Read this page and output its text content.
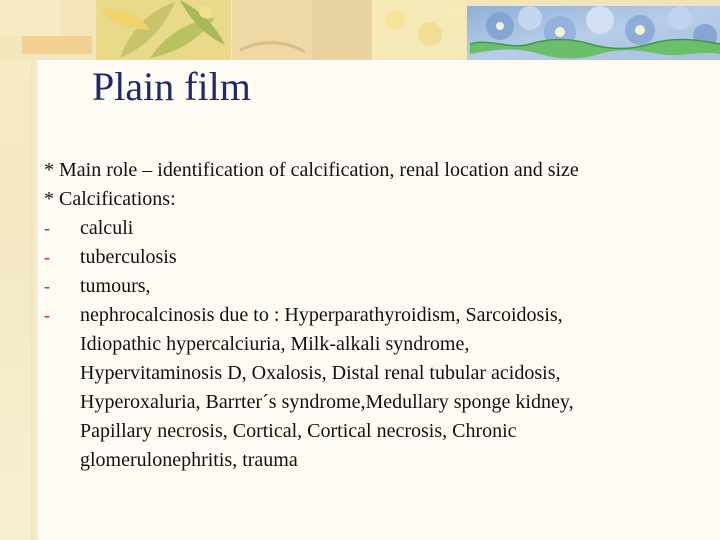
Plain film
* Main role – identification of calcification, renal location and size
* Calcifications:
- calculi
- tuberculosis
- tumours,
- nephrocalcinosis due to : Hyperparathyroidism, Sarcoidosis,
Idiopathic hypercalciuria, Milk-alkali syndrome,
Hypervitaminosis D, Oxalosis, Distal renal tubular acidosis,
Hyperoxaluria, Barrter´s syndrome,Medullary sponge kidney,
Papillary necrosis, Cortical, Cortical necrosis, Chronic
glomerulonephritis, trauma
